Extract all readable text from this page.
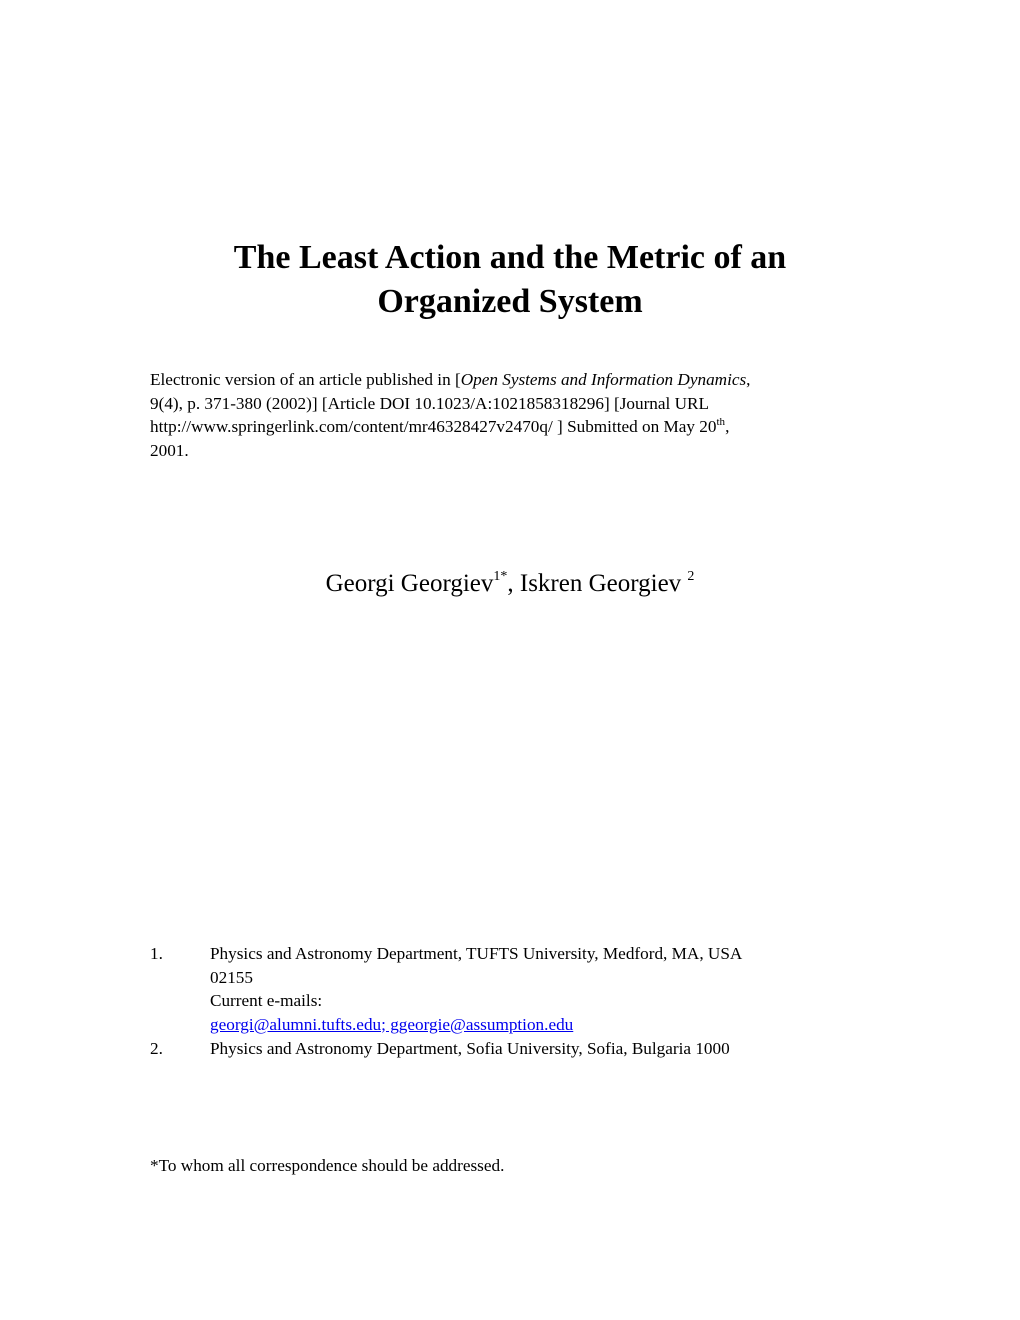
The Least Action and the Metric of an
Organized System
Electronic version of an article published in [Open Systems and Information Dynamics,
9(4), p. 371-380 (2002)] [Article DOI 10.1023/A:1021858318296] [Journal URL
http://www.springerlink.com/content/mr46328427v2470q/ ] Submitted on May 20th,
2001.
Georgi Georgiev$^{1*}$, Iskren Georgiev $^2$
1.	Physics and Astronomy Department, TUFTS University, Medford, MA, USA
02155
Current e-mails:
georgi@alumni.tufts.edu; ggeorgie@assumption.edu
2.	Physics and Astronomy Department, Sofia University, Sofia, Bulgaria 1000
*To whom all correspondence should be addressed.
